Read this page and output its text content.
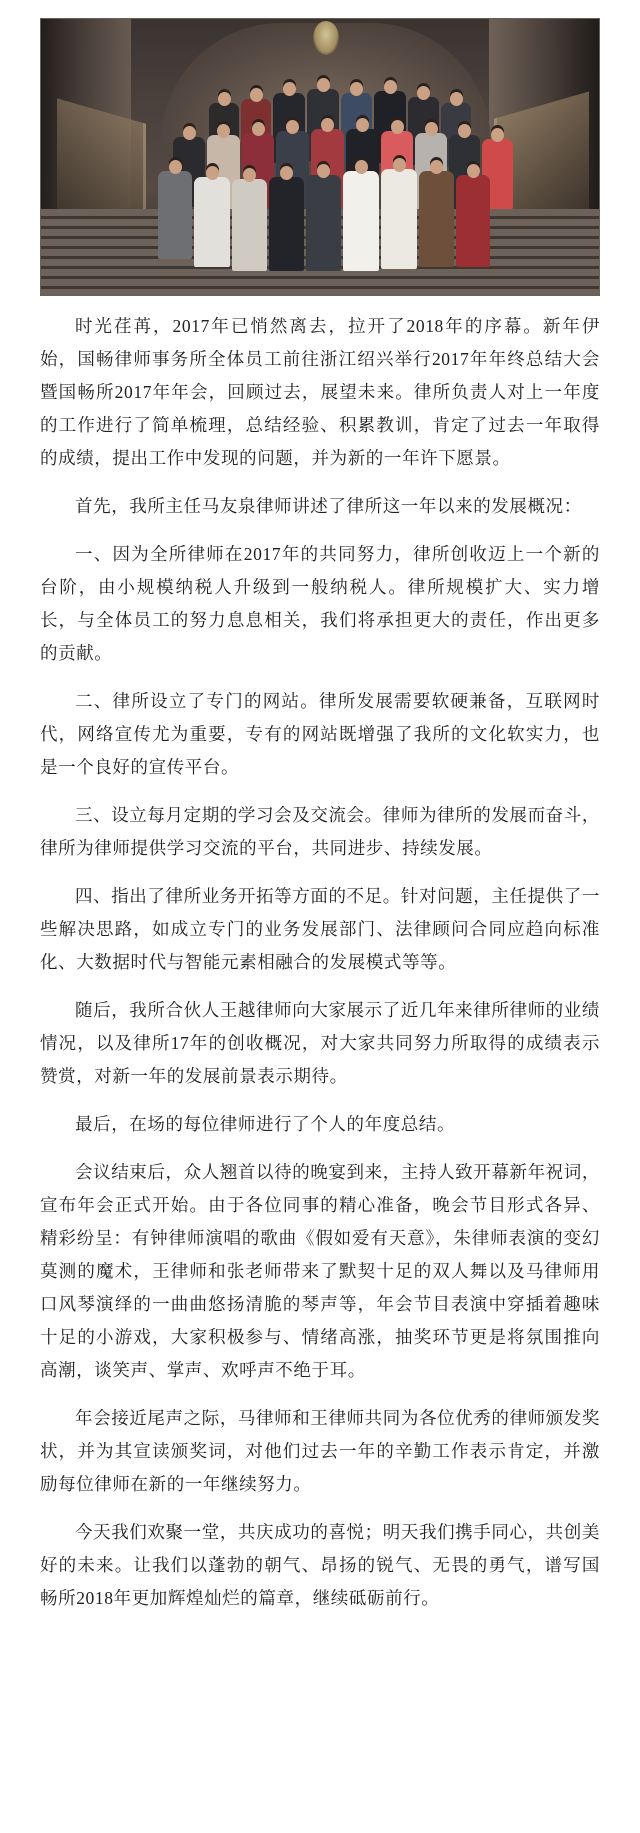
时光荏苒，2017年已悄然离去，拉开了2018年的序幕。新年伊始，国畅律师事务所全体员工前往浙江绍兴举行2017年年终总结大会暨国畅所2017年年会，回顾过去，展望未来。律所负责人对上一年度的工作进行了简单梳理，总结经验、积累教训，肯定了过去一年取得的成绩，提出工作中发现的问题，并为新的一年许下愿景。

首先，我所主任马友泉律师讲述了律所这一年以来的发展概况：

一、因为全所律师在2017年的共同努力，律所创收迈上一个新的台阶，由小规模纳税人升级到一般纳税人。律所规模扩大、实力增长，与全体员工的努力息息相关，我们将承担更大的责任，作出更多的贡献。

二、律所设立了专门的网站。律所发展需要软硬兼备，互联网时代，网络宣传尤为重要，专有的网站既增强了我所的文化软实力，也是一个良好的宣传平台。

三、设立每月定期的学习会及交流会。律师为律所的发展而奋斗，律所为律师提供学习交流的平台，共同进步、持续发展。

四、指出了律所业务开拓等方面的不足。针对问题，主任提供了一些解决思路，如成立专门的业务发展部门、法律顾问合同应趋向标准化、大数据时代与智能元素相融合的发展模式等等。

随后，我所合伙人王越律师向大家展示了近几年来律所律师的业绩情况，以及律所17年的创收概况，对大家共同努力所取得的成绩表示赞赏，对新一年的发展前景表示期待。

最后，在场的每位律师进行了个人的年度总结。

会议结束后，众人翘首以待的晚宴到来，主持人致开幕新年祝词，宣布年会正式开始。由于各位同事的精心准备，晚会节目形式各异、精彩纷呈：有钟律师演唱的歌曲《假如爱有天意》，朱律师表演的变幻莫测的魔术，王律师和张老师带来了默契十足的双人舞以及马律师用口风琴演绎的一曲曲悠扬清脆的琴声等，年会节目表演中穿插着趣味十足的小游戏，大家积极参与、情绪高涨，抽奖环节更是将氛围推向高潮，谈笑声、掌声、欢呼声不绝于耳。

年会接近尾声之际，马律师和王律师共同为各位优秀的律师颁发奖状，并为其宣读颁奖词，对他们过去一年的辛勤工作表示肯定，并激励每位律师在新的一年继续努力。

今天我们欢聚一堂，共庆成功的喜悦；明天我们携手同心，共创美好的未来。让我们以蓬勃的朝气、昂扬的锐气、无畏的勇气，谱写国畅所2018年更加辉煌灿烂的篇章，继续砥砺前行。
